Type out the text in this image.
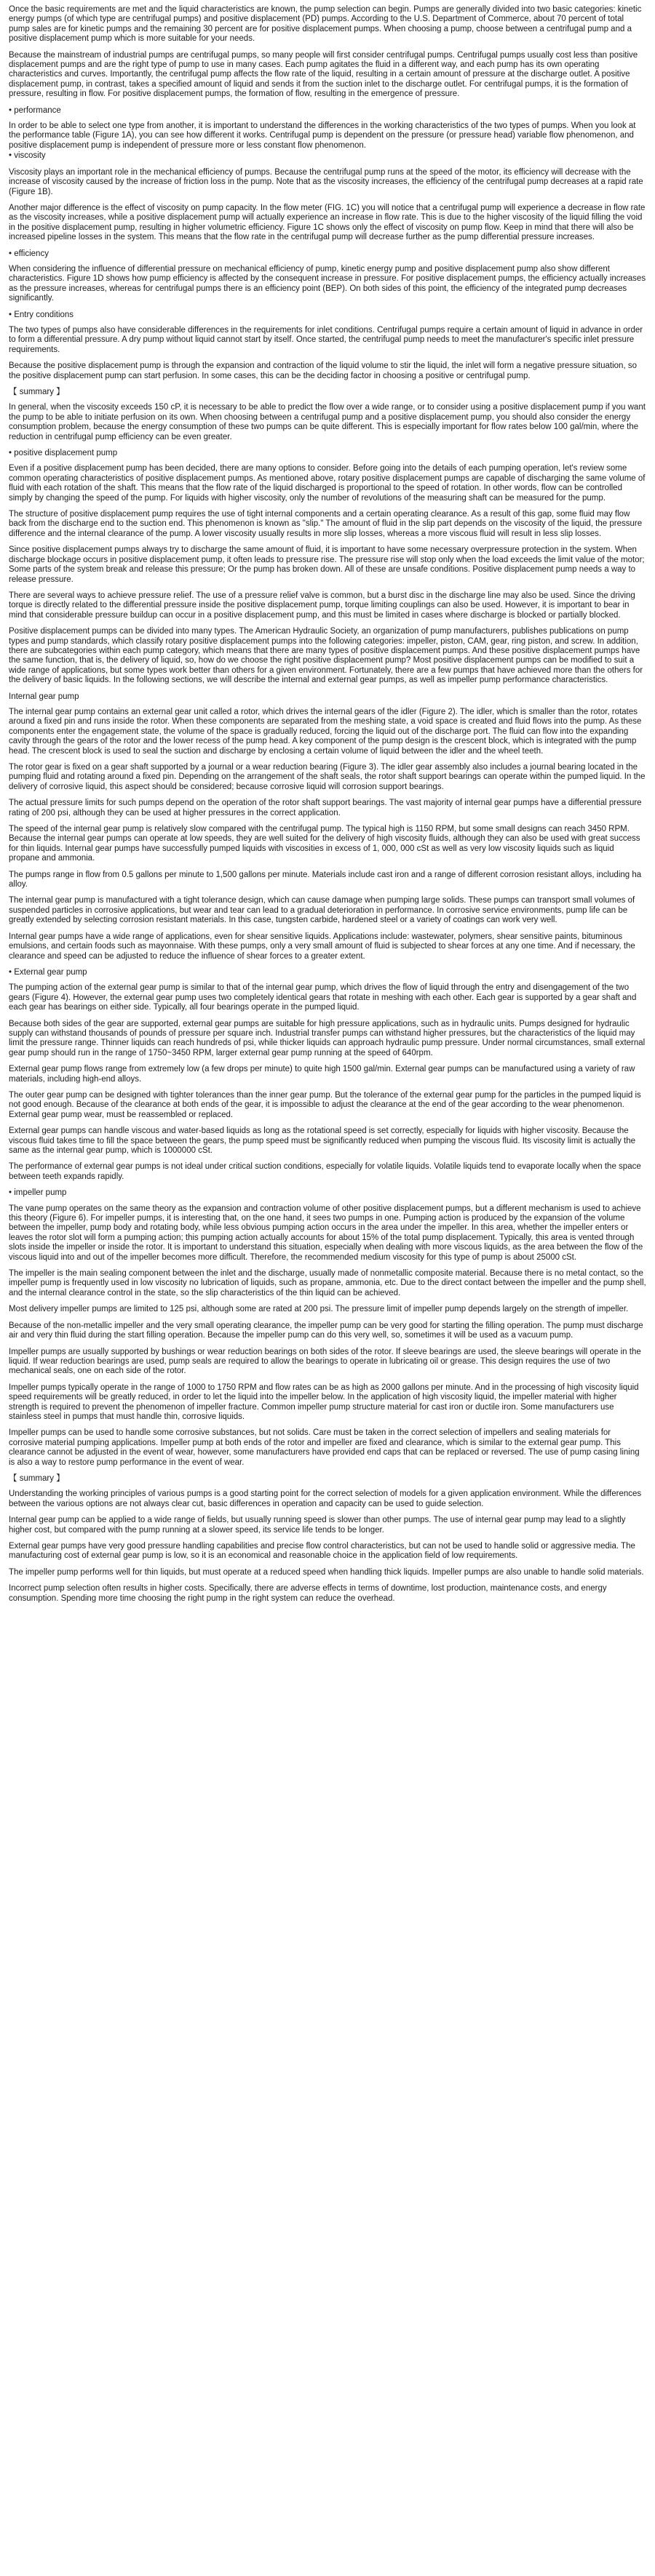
Once the basic requirements are met and the liquid characteristics are known, the pump selection can begin. Pumps are generally divided into two basic categories: kinetic energy pumps (of which type are centrifugal pumps) and positive displacement (PD) pumps. According to the U.S. Department of Commerce, about 70 percent of total pump sales are for kinetic pumps and the remaining 30 percent are for positive displacement pumps. When choosing a pump, choose between a centrifugal pump and a positive displacement pump which is more suitable for your needs.

Because the mainstream of industrial pumps are centrifugal pumps, so many people will first consider centrifugal pumps. Centrifugal pumps usually cost less than positive displacement pumps and are the right type of pump to use in many cases. Each pump agitates the fluid in a different way, and each pump has its own operating characteristics and curves. Importantly, the centrifugal pump affects the flow rate of the liquid, resulting in a certain amount of pressure at the discharge outlet. A positive displacement pump, in contrast, takes a specified amount of liquid and sends it from the suction inlet to the discharge outlet. For centrifugal pumps, it is the formation of pressure, resulting in flow. For positive displacement pumps, the formation of flow, resulting in the emergence of pressure.

• performance

In order to be able to select one type from another, it is important to understand the differences in the working characteristics of the two types of pumps. When you look at the performance table (Figure 1A), you can see how different it works. Centrifugal pump is dependent on the pressure (or pressure head) variable flow phenomenon, and positive displacement pump is independent of pressure more or less constant flow phenomenon.

• viscosity

Viscosity plays an important role in the mechanical efficiency of pumps. Because the centrifugal pump runs at the speed of the motor, its efficiency will decrease with the increase of viscosity caused by the increase of friction loss in the pump. Note that as the viscosity increases, the efficiency of the centrifugal pump decreases at a rapid rate (Figure 1B).

Another major difference is the effect of viscosity on pump capacity. In the flow meter (FIG. 1C) you will notice that a centrifugal pump will experience a decrease in flow rate as the viscosity increases, while a positive displacement pump will actually experience an increase in flow rate. This is due to the higher viscosity of the liquid filling the void in the positive displacement pump, resulting in higher volumetric efficiency. Figure 1C shows only the effect of viscosity on pump flow. Keep in mind that there will also be increased pipeline losses in the system. This means that the flow rate in the centrifugal pump will decrease further as the pump differential pressure increases.

• efficiency

When considering the influence of differential pressure on mechanical efficiency of pump, kinetic energy pump and positive displacement pump also show different characteristics. Figure 1D shows how pump efficiency is affected by the consequent increase in pressure. For positive displacement pumps, the efficiency actually increases as the pressure increases, whereas for centrifugal pumps there is an efficiency point (BEP). On both sides of this point, the efficiency of the integrated pump decreases significantly.

• Entry conditions

The two types of pumps also have considerable differences in the requirements for inlet conditions. Centrifugal pumps require a certain amount of liquid in advance in order to form a differential pressure. A dry pump without liquid cannot start by itself. Once started, the centrifugal pump needs to meet the manufacturer's specific inlet pressure requirements.

Because the positive displacement pump is through the expansion and contraction of the liquid volume to stir the liquid, the inlet will form a negative pressure situation, so the positive displacement pump can start perfusion. In some cases, this can be the deciding factor in choosing a positive or centrifugal pump.

【 summary 】

In general, when the viscosity exceeds 150 cP, it is necessary to be able to predict the flow over a wide range, or to consider using a positive displacement pump if you want the pump to be able to initiate perfusion on its own. When choosing between a centrifugal pump and a positive displacement pump, you should also consider the energy consumption problem, because the energy consumption of these two pumps can be quite different. This is especially important for flow rates below 100 gal/min, where the reduction in centrifugal pump efficiency can be even greater.

• positive displacement pump

Even if a positive displacement pump has been decided, there are many options to consider. Before going into the details of each pumping operation, let's review some common operating characteristics of positive displacement pumps. As mentioned above, rotary positive displacement pumps are capable of discharging the same volume of fluid with each rotation of the shaft. This means that the flow rate of the liquid discharged is proportional to the speed of rotation. In other words, flow can be controlled simply by changing the speed of the pump. For liquids with higher viscosity, only the number of revolutions of the measuring shaft can be measured for the pump.

The structure of positive displacement pump requires the use of tight internal components and a certain operating clearance. As a result of this gap, some fluid may flow back from the discharge end to the suction end. This phenomenon is known as "slip." The amount of fluid in the slip part depends on the viscosity of the liquid, the pressure difference and the internal clearance of the pump. A lower viscosity usually results in more slip losses, whereas a more viscous fluid will result in less slip losses.

Since positive displacement pumps always try to discharge the same amount of fluid, it is important to have some necessary overpressure protection in the system. When discharge blockage occurs in positive displacement pump, it often leads to pressure rise. The pressure rise will stop only when the load exceeds the limit value of the motor; Some parts of the system break and release this pressure; Or the pump has broken down. All of these are unsafe conditions. Positive displacement pump needs a way to release pressure.

There are several ways to achieve pressure relief. The use of a pressure relief valve is common, but a burst disc in the discharge line may also be used. Since the driving torque is directly related to the differential pressure inside the positive displacement pump, torque limiting couplings can also be used. However, it is important to bear in mind that considerable pressure buildup can occur in a positive displacement pump, and this must be limited in cases where discharge is blocked or partially blocked.

Positive displacement pumps can be divided into many types. The American Hydraulic Society, an organization of pump manufacturers, publishes publications on pump types and pump standards, which classify rotary positive displacement pumps into the following categories: impeller, piston, CAM, gear, ring piston, and screw. In addition, there are subcategories within each pump category, which means that there are many types of positive displacement pumps. And these positive displacement pumps have the same function, that is, the delivery of liquid, so, how do we choose the right positive displacement pump? Most positive displacement pumps can be modified to suit a wide range of applications, but some types work better than others for a given environment. Fortunately, there are a few pumps that have achieved more than the others for the delivery of basic liquids. In the following sections, we will describe the internal and external gear pumps, as well as impeller pump performance characteristics.

Internal gear pump

The internal gear pump contains an external gear unit called a rotor, which drives the internal gears of the idler (Figure 2). The idler, which is smaller than the rotor, rotates around a fixed pin and runs inside the rotor. When these components are separated from the meshing state, a void space is created and fluid flows into the pump. As these components enter the engagement state, the volume of the space is gradually reduced, forcing the liquid out of the discharge port. The fluid can flow into the expanding cavity through the gears of the rotor and the lower recess of the pump head. A key component of the pump design is the crescent block, which is integrated with the pump head. The crescent block is used to seal the suction and discharge by enclosing a certain volume of liquid between the idler and the wheel teeth.

The rotor gear is fixed on a gear shaft supported by a journal or a wear reduction bearing (Figure 3). The idler gear assembly also includes a journal bearing located in the pumping fluid and rotating around a fixed pin. Depending on the arrangement of the shaft seals, the rotor shaft support bearings can operate within the pumped liquid. In the delivery of corrosive liquid, this aspect should be considered; because corrosive liquid will corrosion support bearings.

The actual pressure limits for such pumps depend on the operation of the rotor shaft support bearings. The vast majority of internal gear pumps have a differential pressure rating of 200 psi, although they can be used at higher pressures in the correct application.

The speed of the internal gear pump is relatively slow compared with the centrifugal pump. The typical high is 1150 RPM, but some small designs can reach 3450 RPM. Because the internal gear pumps can operate at low speeds, they are well suited for the delivery of high viscosity fluids, although they can also be used with great success for thin liquids. Internal gear pumps have successfully pumped liquids with viscosities in excess of 1, 000, 000 cSt as well as very low viscosity liquids such as liquid propane and ammonia.

The pumps range in flow from 0.5 gallons per minute to 1,500 gallons per minute. Materials include cast iron and a range of different corrosion resistant alloys, including ha alloy.

The internal gear pump is manufactured with a tight tolerance design, which can cause damage when pumping large solids. These pumps can transport small volumes of suspended particles in corrosive applications, but wear and tear can lead to a gradual deterioration in performance. In corrosive service environments, pump life can be greatly extended by selecting corrosion resistant materials. In this case, tungsten carbide, hardened steel or a variety of coatings can work very well.

Internal gear pumps have a wide range of applications, even for shear sensitive liquids. Applications include: wastewater, polymers, shear sensitive paints, bituminous emulsions, and certain foods such as mayonnaise. With these pumps, only a very small amount of fluid is subjected to shear forces at any one time. And if necessary, the clearance and speed can be adjusted to reduce the influence of shear forces to a greater extent.

• External gear pump

The pumping action of the external gear pump is similar to that of the internal gear pump, which drives the flow of liquid through the entry and disengagement of the two gears (Figure 4). However, the external gear pump uses two completely identical gears that rotate in meshing with each other. Each gear is supported by a gear shaft and each gear has bearings on either side. Typically, all four bearings operate in the pumped liquid.

Because both sides of the gear are supported, external gear pumps are suitable for high pressure applications, such as in hydraulic units. Pumps designed for hydraulic supply can withstand thousands of pounds of pressure per square inch. Industrial transfer pumps can withstand higher pressures, but the characteristics of the liquid may limit the pressure range. Thinner liquids can reach hundreds of psi, while thicker liquids can approach hydraulic pump pressure. Under normal circumstances, small external gear pump should run in the range of 1750~3450 RPM, larger external gear pump running at the speed of 640rpm.

External gear pump flows range from extremely low (a few drops per minute) to quite high 1500 gal/min. External gear pumps can be manufactured using a variety of raw materials, including high-end alloys.

The outer gear pump can be designed with tighter tolerances than the inner gear pump. But the tolerance of the external gear pump for the particles in the pumped liquid is not good enough. Because of the clearance at both ends of the gear, it is impossible to adjust the clearance at the end of the gear according to the wear phenomenon. External gear pump wear, must be reassembled or replaced.

External gear pumps can handle viscous and water-based liquids as long as the rotational speed is set correctly, especially for liquids with higher viscosity. Because the viscous fluid takes time to fill the space between the gears, the pump speed must be significantly reduced when pumping the viscous fluid. Its viscosity limit is actually the same as the internal gear pump, which is 1000000 cSt.

The performance of external gear pumps is not ideal under critical suction conditions, especially for volatile liquids. Volatile liquids tend to evaporate locally when the space between teeth expands rapidly.

• impeller pump

The vane pump operates on the same theory as the expansion and contraction volume of other positive displacement pumps, but a different mechanism is used to achieve this theory (Figure 6). For impeller pumps, it is interesting that, on the one hand, it sees two pumps in one. Pumping action is produced by the expansion of the volume between the impeller, pump body and rotating body, while less obvious pumping action occurs in the area under the impeller. In this area, whether the impeller enters or leaves the rotor slot will form a pumping action; this pumping action actually accounts for about 15% of the total pump displacement. Typically, this area is vented through slots inside the impeller or inside the rotor. It is important to understand this situation, especially when dealing with more viscous liquids, as the area between the flow of the viscous liquid into and out of the impeller becomes more difficult. Therefore, the recommended medium viscosity for this type of pump is about 25000 cSt.

The impeller is the main sealing component between the inlet and the discharge, usually made of nonmetallic composite material. Because there is no metal contact, so the impeller pump is frequently used in low viscosity no lubrication of liquids, such as propane, ammonia, etc. Due to the direct contact between the impeller and the pump shell, and the internal clearance control in the state, so the slip characteristics of the thin liquid can be achieved.

Most delivery impeller pumps are limited to 125 psi, although some are rated at 200 psi. The pressure limit of impeller pump depends largely on the strength of impeller.

Because of the non-metallic impeller and the very small operating clearance, the impeller pump can be very good for starting the filling operation. The pump must discharge air and very thin fluid during the start filling operation. Because the impeller pump can do this very well, so, sometimes it will be used as a vacuum pump.

Impeller pumps are usually supported by bushings or wear reduction bearings on both sides of the rotor. If sleeve bearings are used, the sleeve bearings will operate in the liquid. If wear reduction bearings are used, pump seals are required to allow the bearings to operate in lubricating oil or grease. This design requires the use of two mechanical seals, one on each side of the rotor.

Impeller pumps typically operate in the range of 1000 to 1750 RPM and flow rates can be as high as 2000 gallons per minute. And in the processing of high viscosity liquid speed requirements will be greatly reduced, in order to let the liquid into the impeller below. In the application of high viscosity liquid, the impeller material with higher strength is required to prevent the phenomenon of impeller fracture. Common impeller pump structure material for cast iron or ductile iron. Some manufacturers use stainless steel in pumps that must handle thin, corrosive liquids.

Impeller pumps can be used to handle some corrosive substances, but not solids. Care must be taken in the correct selection of impellers and sealing materials for corrosive material pumping applications. Impeller pump at both ends of the rotor and impeller are fixed and clearance, which is similar to the external gear pump. This clearance cannot be adjusted in the event of wear, however, some manufacturers have provided end caps that can be replaced or reversed. The use of pump casing lining is also a way to restore pump performance in the event of wear.

【 summary 】

Understanding the working principles of various pumps is a good starting point for the correct selection of models for a given application environment. While the differences between the various options are not always clear cut, basic differences in operation and capacity can be used to guide selection.

Internal gear pump can be applied to a wide range of fields, but usually running speed is slower than other pumps. The use of internal gear pump may lead to a slightly higher cost, but compared with the pump running at a slower speed, its service life tends to be longer.

External gear pumps have very good pressure handling capabilities and precise flow control characteristics, but can not be used to handle solid or aggressive media. The manufacturing cost of external gear pump is low, so it is an economical and reasonable choice in the application field of low requirements.

The impeller pump performs well for thin liquids, but must operate at a reduced speed when handling thick liquids. Impeller pumps are also unable to handle solid materials.

Incorrect pump selection often results in higher costs. Specifically, there are adverse effects in terms of downtime, lost production, maintenance costs, and energy consumption. Spending more time choosing the right pump in the right system can reduce the overhead.
